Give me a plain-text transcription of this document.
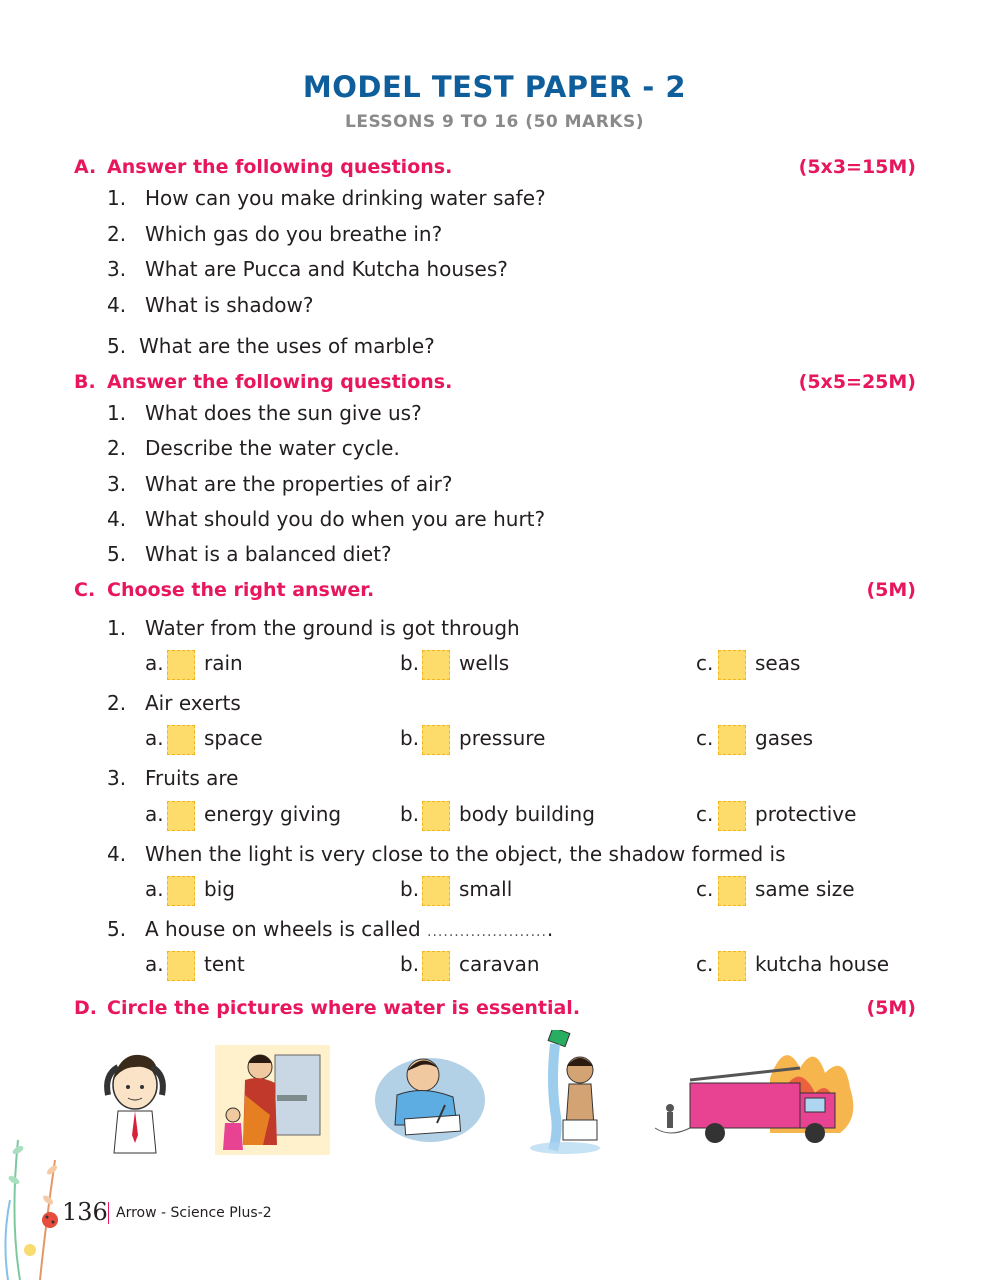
MODEL TEST PAPER - 2
LESSONS 9 TO 16 (50 MARKS)
A. Answer the following questions.	(5x3=15M)
1. How can you make drinking water safe?
2. Which gas do you breathe in?
3. What are Pucca and Kutcha houses?
4. What is shadow?
5. What are the uses of marble?
B. Answer the following questions.	(5x5=25M)
1. What does the sun give us?
2. Describe the water cycle.
3. What are the properties of air?
4. What should you do when you are hurt?
5. What is a balanced diet?
C. Choose the right answer.	(5M)
1. Water from the ground is got through
a. rain	b. wells	c. seas
2. Air exerts
a. space	b. pressure	c. gases
3. Fruits are
a. energy giving	b. body building	c. protective
4. When the light is very close to the object, the shadow formed is
a. big	b. small	c. same size
5. A house on wheels is called .......................
a. tent	b. caravan	c. kutcha house
D. Circle the pictures where water is essential.	(5M)
136 Arrow - Science Plus-2
